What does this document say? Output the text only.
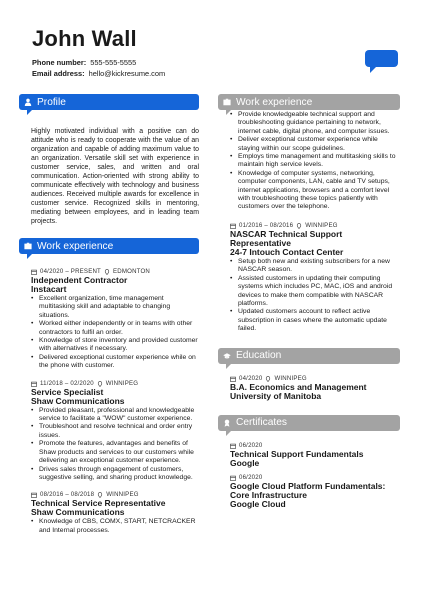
John Wall
Phone number: 555-555-5555
Email address: hello@kickresume.com
Profile

Highly motivated individual with a positive can do attitude who is ready to cooperate with the value of an organization and capable of adding maximum value to an organization. Versatile skill set with experience in customer service, sales, and written and oral communication. Action-oriented with strong ability to communicate effectively with technology and business audiences. Received multiple awards for excellence in customer service. Recognized skills in mentoring, mediating between employees, and in leading team projects.

Work experience
04/2020 – PRESENT EDMONTON
Independent Contractor
Instacart
• Excellent organization, time management multitasking skill and adaptable to changing situations.
• Worked either independently or in teams with other contractors to fulfil an order.
• Knowledge of store inventory and provided customer with alternatives if necessary.
• Delivered exceptional customer experience while on the phone with customer.
11/2018 – 02/2020 WINNIPEG
Service Specialist
Shaw Communications
• Provided pleasant, professional and knowledgeable service to facilitate a "WOW" customer experience.
• Troubleshoot and resolve technical and order entry issues.
• Promote the features, advantages and benefits of Shaw products and services to our customers while delivering an exceptional customer experience.
• Drives sales through engagement of customers, suggestive selling, and sharing product knowledge.
08/2016 – 08/2018 WINNIPEG
Technical Service Representative
Shaw Communications
• Knowledge of CBS, COMX, START, NETCRACKER and Internal processes.
Work experience
• Provide knowledgeable technical support and troubleshooting guidance pertaining to network, internet cable, digital phone, and computer issues.
• Deliver exceptional customer experience while staying within our scope guidelines.
• Employs time management and multitasking skills to maintain high service levels.
• Knowledge of computer systems, networking, computer components, LAN, cable and TV setups, internet applications, browsers and a comfort level with troubleshooting these topics patiently with customers over the telephone.
01/2016 – 08/2016 WINNIPEG
NASCAR Technical Support Representative
24-7 Intouch Contact Center
• Setup both new and existing subscribers for a new NASCAR season.
• Assisted customers in updating their computing systems which includes PC, MAC, iOS and android devices to make them compatible with NASCAR platforms.
• Updated customers account to reflect active subscription in cases where the automatic update failed.
Education
04/2020 WINNIPEG
B.A. Economics and Management
University of Manitoba
Certificates
06/2020
Technical Support Fundamentals
Google
06/2020
Google Cloud Platform Fundamentals: Core Infrastructure
Google Cloud
